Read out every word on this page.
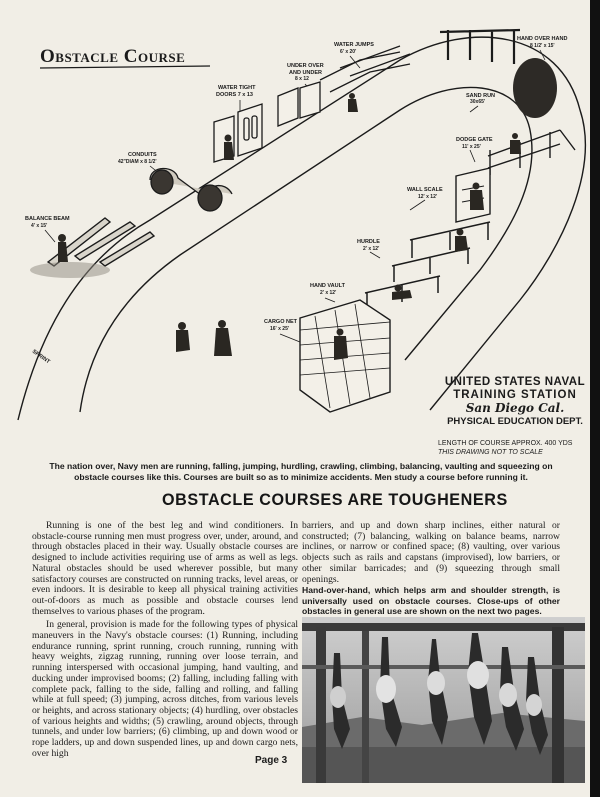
Obstacle Course
WATER JUMPS
6' x 20'
HAND OVER HAND
8 1/2' x 15'
UNDER OVER
AND UNDER
8 x 12
WATER TIGHT
DOORS 7 x 13	SAND RUN
30x65'
CONDUITS
42"DIAM x 8 1/2'
DODGE GATE
11' x 25'
WALL SCALE
12' x 12'
BALANCE BEAM
4' x 15'
HURDLE
2' x 12'
HAND VAULT
2' x 12'
CARGO NET
16' x 25'
SPRINT
UNITED STATES NAVAL
TRAINING STATION
San Diego Cal.
PHYSICAL EDUCATION DEPT.
LENGTH OF COURSE APPROX. 400 YDS
THIS DRAWING NOT TO SCALE
The nation over, Navy men are running, falling, jumping, hurdling, crawling, climbing, balancing, vaulting and squeezing on obstacle courses like this. Courses are built so as to minimize accidents. Men study a course before running it.
OBSTACLE COURSES ARE TOUGHENERS

Running is one of the best leg and wind conditioners. In obstacle-course running men must progress over, under, around, and through obstacles placed in their way. Usually obstacle courses are designed to include activities requiring use of arms as well as legs. Natural obstacles should be used wherever possible, but many satisfactory courses are constructed on running tracks, level areas, or even indoors. It is desirable to keep all physical training activities out-of-doors as much as possible and obstacle courses lend themselves to various phases of the program.

In general, provision is made for the following types of physical maneuvers in the Navy's obstacle courses: (1) Running, including endurance running, sprint running, crouch running, running with heavy weights, zigzag running, running over loose terrain, and running interspersed with occasional jumping, hand vaulting, and ducking under improvised booms; (2) falling, including falling with complete pack, falling to the side, falling and rolling, and falling while at full speed; (3) jumping, across ditches, from various levels or heights, and across stationary objects; (4) hurdling, over obstacles of various heights and widths; (5) crawling, around objects, through tunnels, and under low barriers; (6) climbing, up and down wood or rope ladders, up and down suspended lines, up and down cargo nets, over high

barriers, and up and down sharp inclines, either natural or constructed; (7) balancing, walking on balance beams, narrow inclines, or narrow or confined space; (8) vaulting, over various objects such as rails and capstans (improvised), low barriers, or other similar barricades; and (9) squeezing through small openings.

Hand-over-hand, which helps arm and shoulder strength, is universally used on obstacle courses. Close-ups of other obstacles in general use are shown on the next two pages.
Page 3
